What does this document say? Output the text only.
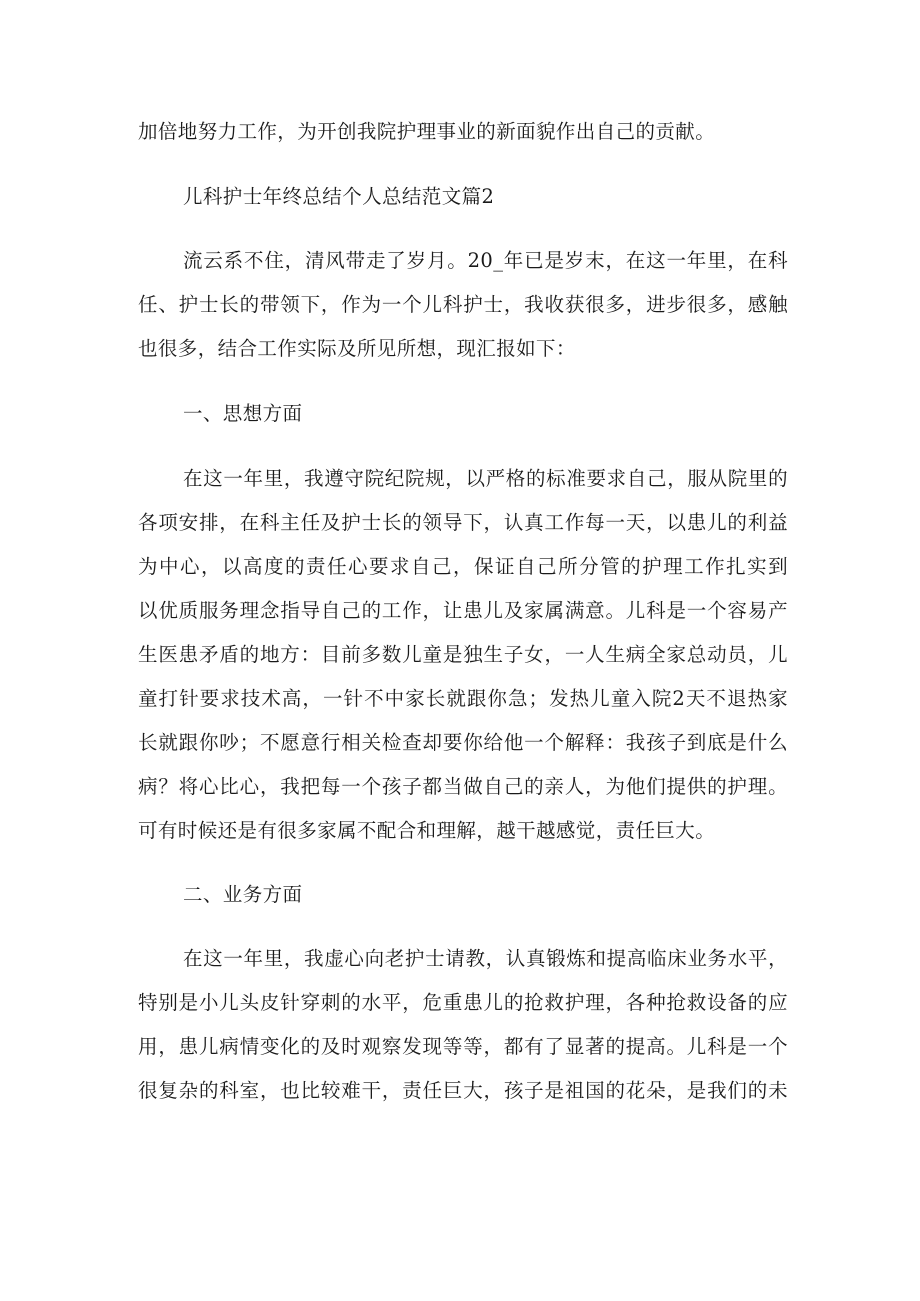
加倍地努力工作，为开创我院护理事业的新面貌作出自己的贡献。
儿科护士年终总结个人总结范文篇2
流云系不住，清风带走了岁月。20_年已是岁末，在这一年里，在科
任、护士长的带领下，作为一个儿科护士，我收获很多，进步很多，感触
也很多，结合工作实际及所见所想，现汇报如下：
一、思想方面
在这一年里，我遵守院纪院规，以严格的标准要求自己，服从院里的
各项安排，在科主任及护士长的领导下，认真工作每一天，以患儿的利益
为中心，以高度的责任心要求自己，保证自己所分管的护理工作扎实到
以优质服务理念指导自己的工作，让患儿及家属满意。儿科是一个容易产
生医患矛盾的地方：目前多数儿童是独生子女，一人生病全家总动员，儿
童打针要求技术高，一针不中家长就跟你急；发热儿童入院2天不退热家
长就跟你吵；不愿意行相关检查却要你给他一个解释：我孩子到底是什么
病？将心比心，我把每一个孩子都当做自己的亲人，为他们提供的护理。
可有时候还是有很多家属不配合和理解，越干越感觉，责任巨大。
二、业务方面
在这一年里，我虚心向老护士请教，认真锻炼和提高临床业务水平，
特别是小儿头皮针穿刺的水平，危重患儿的抢救护理，各种抢救设备的应
用，患儿病情变化的及时观察发现等等，都有了显著的提高。儿科是一个
很复杂的科室，也比较难干，责任巨大，孩子是祖国的花朵，是我们的未
